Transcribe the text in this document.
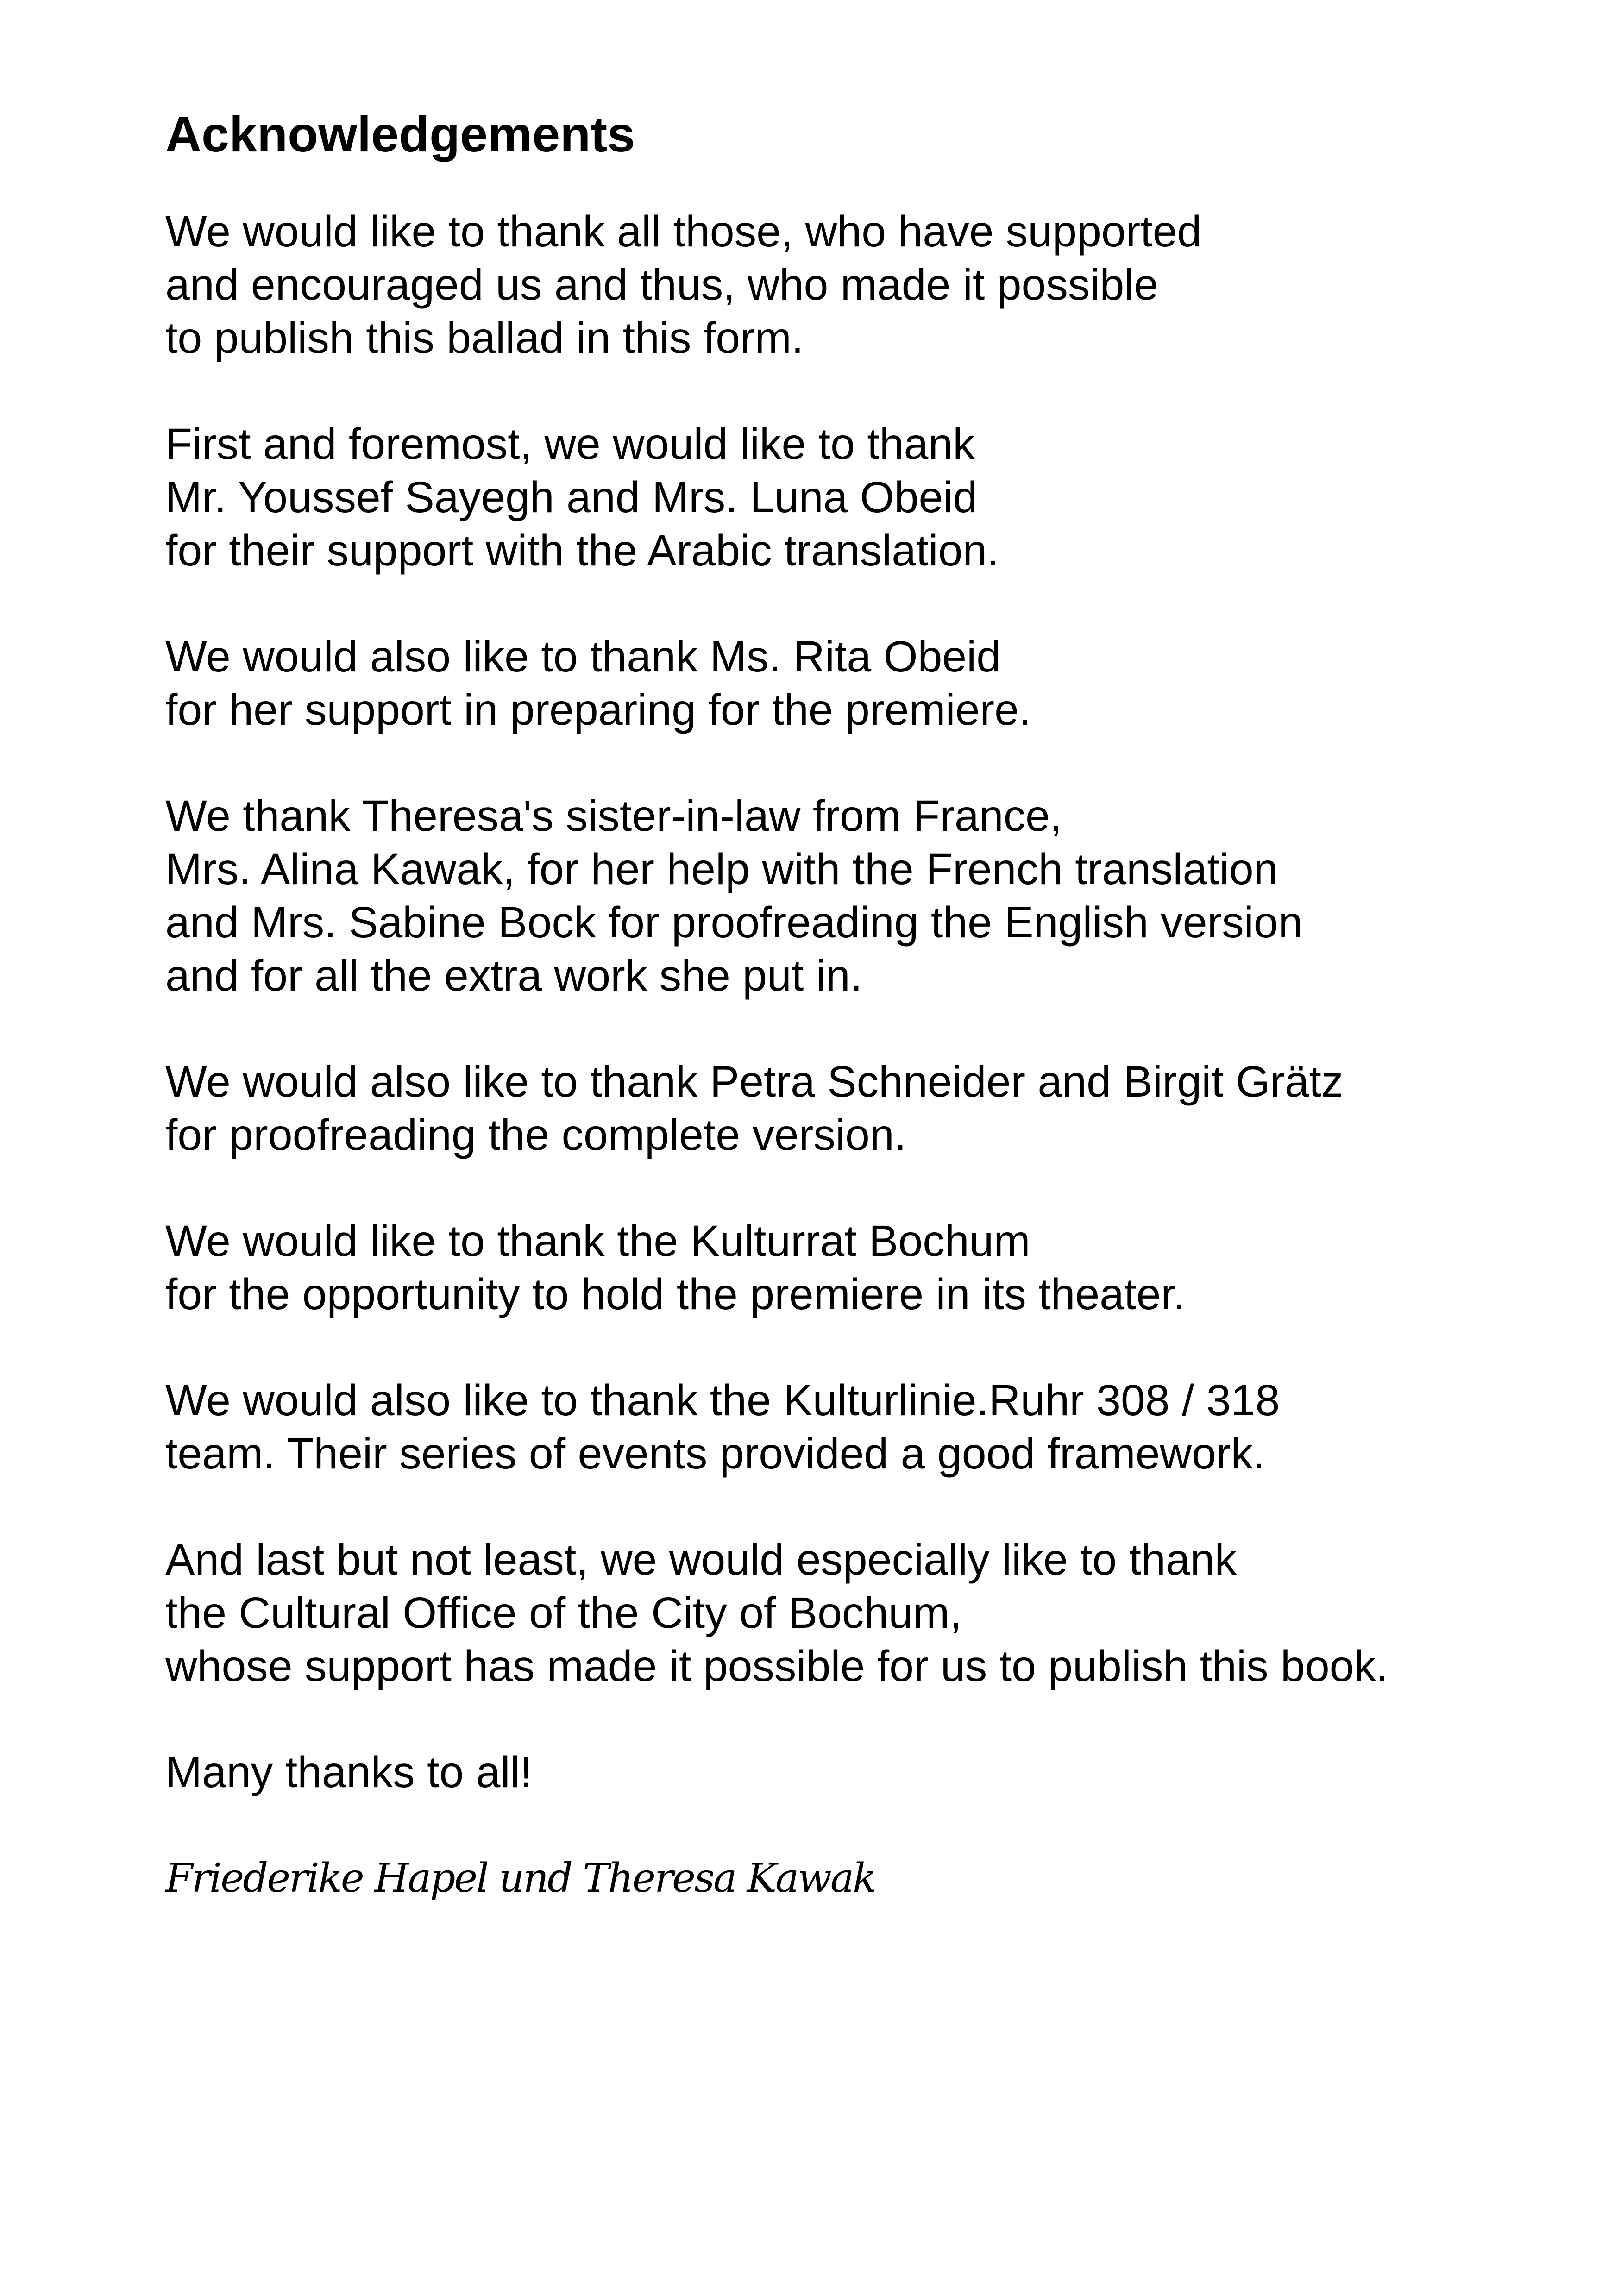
Acknowledgements

We would like to thank all those, who have supported
and encouraged us and thus, who made it possible
to publish this ballad in this form.

First and foremost, we would like to thank
Mr. Youssef Sayegh and Mrs. Luna Obeid
for their support with the Arabic translation.

We would also like to thank Ms. Rita Obeid
for her support in preparing for the premiere.

We thank Theresa's sister-in-law from France,
Mrs. Alina Kawak, for her help with the French translation
and Mrs. Sabine Bock for proofreading the English version
and for all the extra work she put in.

We would also like to thank Petra Schneider and Birgit Grätz
for proofreading the complete version.

We would like to thank the Kulturrat Bochum
for the opportunity to hold the premiere in its theater.

We would also like to thank the Kulturlinie.Ruhr 308 / 318
team. Their series of events provided a good framework.

And last but not least, we would especially like to thank
the Cultural Office of the City of Bochum,
whose support has made it possible for us to publish this book.

Many thanks to all!

Friederike Hapel und Theresa Kawak
